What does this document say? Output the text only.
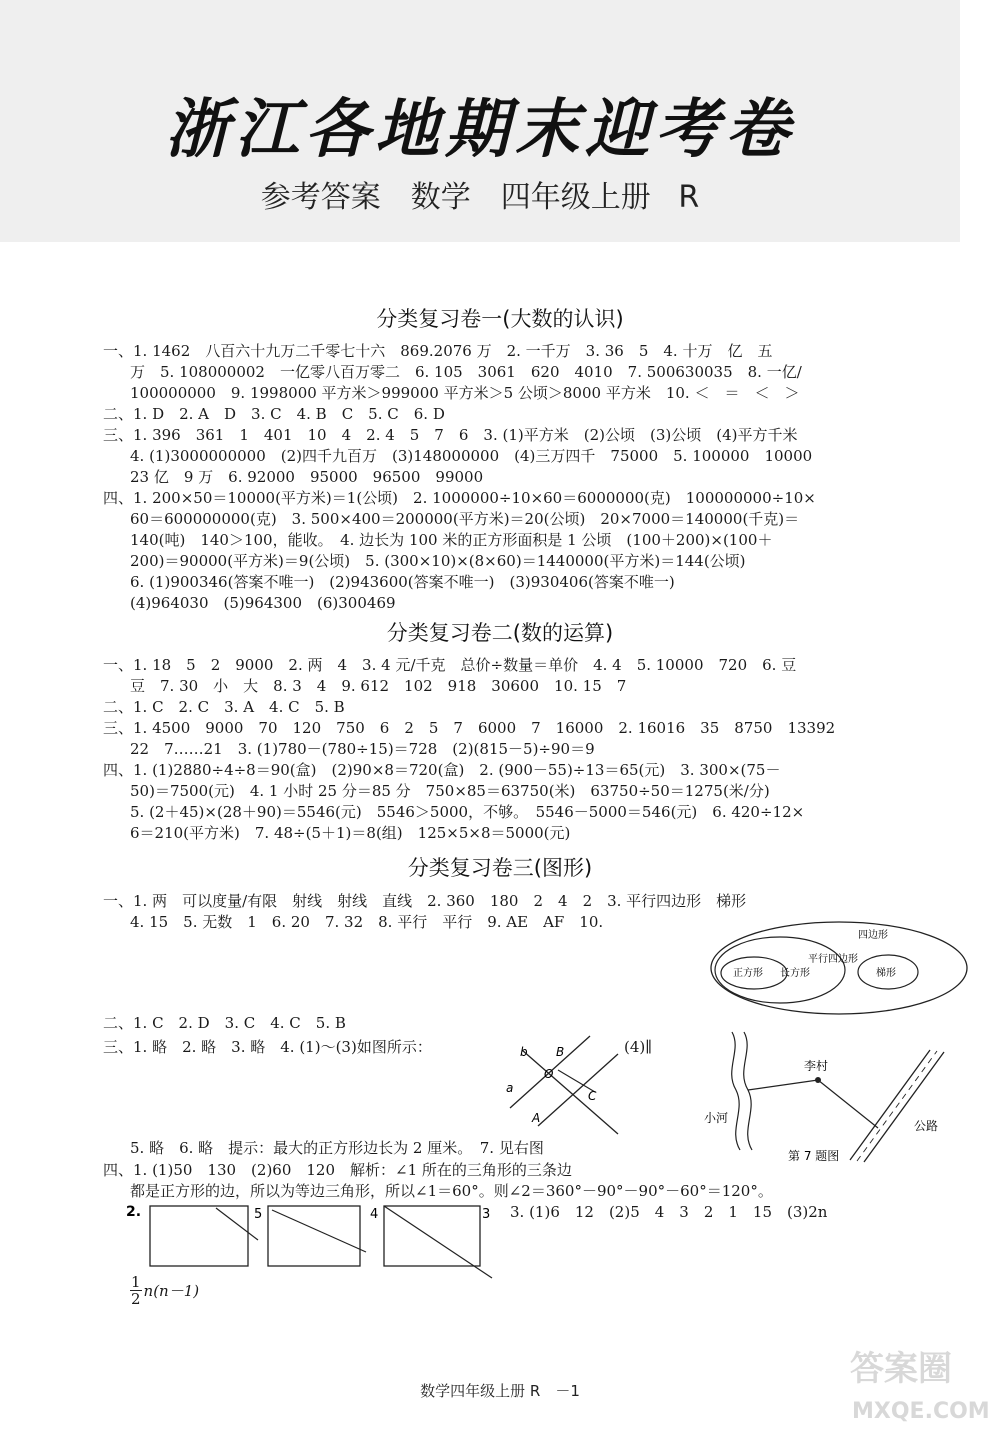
浙江各地期末迎考卷
参考答案　数学　四年级上册 R
分类复习卷一(大数的认识)
一、1. 1462　八百六十九万二千零七十六　869.2076 万　2. 一千万　3. 36　5　4. 十万　亿　五
万　5. 108000002　一亿零八百万零二　6. 105　3061　620　4010　7. 500630035　8. 一亿/
100000000　9. 1998000 平方米＞999000 平方米＞5 公顷＞8000 平方米　10. ＜　＝　＜　＞
二、1. D　2. A　D　3. C　4. B　C　5. C　6. D
三、1. 396　361　1　401　10　4　2. 4　5　7　6　3. (1)平方米　(2)公顷　(3)公顷　(4)平方千米
4. (1)3000000000　(2)四千九百万　(3)148000000　(4)三万四千　75000　5. 100000　10000
23 亿　9 万　6. 92000　95000　96500　99000
四、1. 200×50＝10000(平方米)＝1(公顷)　2. 1000000÷10×60＝6000000(克)　100000000÷10×
60＝600000000(克)　3. 500×400＝200000(平方米)＝20(公顷)　20×7000＝140000(千克)＝
140(吨)　140＞100，能收。　4. 边长为 100 米的正方形面积是 1 公顷　(100＋200)×(100＋
200)＝90000(平方米)＝9(公顷)　5. (300×10)×(8×60)＝1440000(平方米)＝144(公顷)
6. (1)900346(答案不唯一)　(2)943600(答案不唯一)　(3)930406(答案不唯一)
(4)964030　(5)964300　(6)300469
分类复习卷二(数的运算)
一、1. 18　5　2　9000　2. 两　4　3. 4 元/千克　总价÷数量＝单价　4. 4　5. 10000　720　6. 豆
豆　7. 30　小　大　8. 3　4　9. 612　102　918　30600　10. 15　7
二、1. C　2. C　3. A　4. C　5. B
三、1. 4500　9000　70　120　750　6　2　5　7　6000　7　16000　2. 16016　35　8750　13392
22　7……21　3. (1)780－(780÷15)＝728　(2)(815－5)÷90＝9
四、1. (1)2880÷4÷8＝90(盒)　(2)90×8＝720(盒)　2. (900－55)÷13＝65(元)　3. 300×(75－
50)＝7500(元)　4. 1 小时 25 分＝85 分　750×85＝63750(米)　63750÷50＝1275(米/分)
5. (2＋45)×(28＋90)＝5546(元)　5546＞5000，不够。　5546－5000＝546(元)　6. 420÷12×
6＝210(平方米)　7. 48÷(5＋1)＝8(组)　125×5×8＝5000(元)
分类复习卷三(图形)
一、1. 两　可以度量/有限　射线　射线　直线　2. 360　180　2　4　2　3. 平行四边形　梯形
4. 15　5. 无数　1　6. 20　7. 32　8. 平行　平行　9. AE　AF　10.
四边形
正方形 长方形
平行四边形
梯形
二、1. C　2. D　3. C　4. C　5. B
三、1. 略　2. 略　3. 略　4. (1)～(3)如图所示：	b
a
O
B
C
A
(4)∥
李村
小河
公路
第 7 题图
5. 略　6. 略　提示：最大的正方形边长为 2 厘米。　7. 见右图
四、1. (1)50　130　(2)60　120　解析：∠1 所在的三角形的三条边
都是正方形的边，所以为等边三角形，所以∠1＝60°。则∠2＝360°－90°－90°－60°＝120°。
2.	5	4	3 3. (1)6　12　(2)5　4　3　2　1　15　(3)2n
$\frac{1}{2} n(n-1)$
数学四年级上册 R　－1
答案圈
MXQE.COM
